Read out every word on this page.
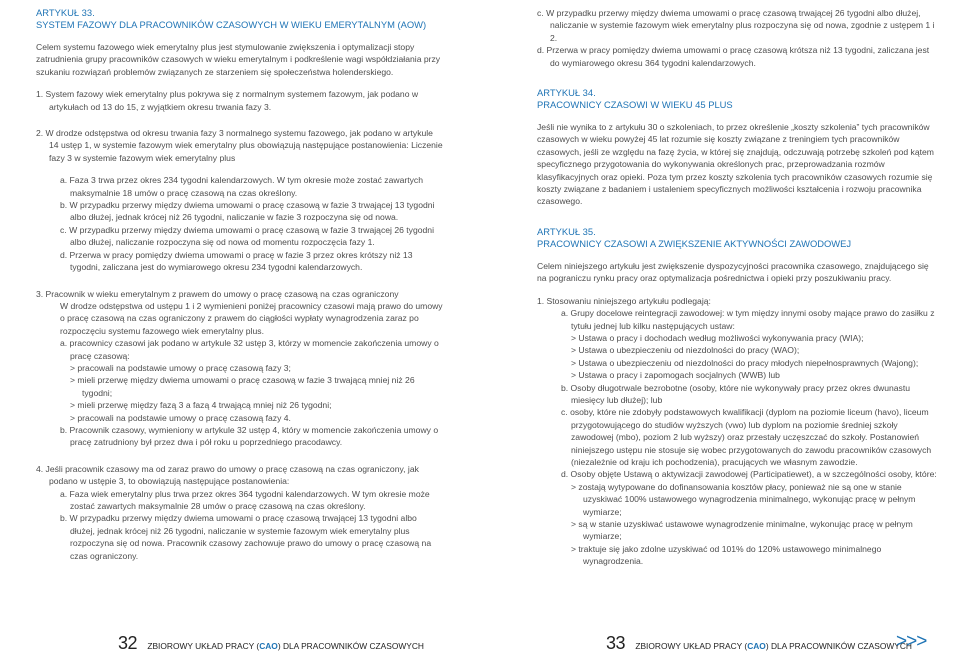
ARTYKUŁ 33.
SYSTEM FAZOWY DLA PRACOWNIKÓW CZASOWYCH W WIEKU EMERYTALNYM (AOW)

Celem systemu fazowego wiek emerytalny plus jest stymulowanie zwiększenia i optymalizacji stopy zatrudnienia grupy pracowników czasowych w wieku emerytalnym i podkreślenie wagi współdziałania przy szukaniu rozwiązań problemów związanych ze starzeniem się społeczeństwa holenderskiego.

1. System fazowy wiek emerytalny plus pokrywa się z normalnym systemem fazowym, jak podano w artykułach od 13 do 15, z wyjątkiem okresu trwania fazy 3.

2. W drodze odstępstwa od okresu trwania fazy 3 normalnego systemu fazowego, jak podano w artykule 14 ustęp 1, w systemie fazowym wiek emerytalny plus obowiązują następujące postanowienia: Liczenie fazy 3 w systemie fazowym wiek emerytalny plus

a. Faza 3 trwa przez okres 234 tygodni kalendarzowych. W tym okresie może zostać zawartych maksymalnie 18 umów o pracę czasową na czas określony.

b. W przypadku przerwy między dwiema umowami o pracę czasową w fazie 3 trwającej 13 tygodni albo dłużej, jednak krócej niż 26 tygodni, naliczanie w fazie 3 rozpoczyna się od nowa.

c. W przypadku przerwy między dwiema umowami o pracę czasową w fazie 3 trwającej 26 tygodni albo dłużej, naliczanie rozpoczyna się od nowa od momentu rozpoczęcia fazy 1.

d. Przerwa w pracy pomiędzy dwiema umowami o pracę w fazie 3 przez okres krótszy niż 13 tygodni, zaliczana jest do wymiarowego okresu 234 tygodni kalendarzowych.

3. Pracownik w wieku emerytalnym z prawem do umowy o pracę czasową na czas ograniczony

W drodze odstępstwa od ustępu 1 i 2 wymienieni poniżej pracownicy czasowi mają prawo do umowy o pracę czasową na czas ograniczony z prawem do ciągłości wypłaty wynagrodzenia zaraz po rozpoczęciu systemu fazowego wiek emerytalny plus.

a. pracownicy czasowi jak podano w artykule 32 ustęp 3, którzy w momencie zakończenia umowy o pracę czasową:

> pracowali na podstawie umowy o pracę czasową fazy 3;

> mieli przerwę między dwiema umowami o pracę czasową w fazie 3 trwającą mniej niż 26 tygodni;

> mieli przerwę między fazą 3 a fazą 4 trwającą mniej niż 26 tygodni;

> pracowali na podstawie umowy o pracę czasową fazy 4.

b. Pracownik czasowy, wymieniony w artykule 32 ustęp 4, który w momencie zakończenia umowy o pracę zatrudniony był przez dwa i pół roku u poprzedniego pracodawcy.

4. Jeśli pracownik czasowy ma od zaraz prawo do umowy o pracę czasową na czas ograniczony, jak podano w ustępie 3, to obowiązują następujące postanowienia:

a. Faza wiek emerytalny plus trwa przez okres 364 tygodni kalendarzowych. W tym okresie może zostać zawartych maksymalnie 28 umów o pracę czasową na czas określony.

b. W przypadku przerwy między dwiema umowami o pracę czasową trwającej 13 tygodni albo dłużej, jednak krócej niż 26 tygodni, naliczanie w systemie fazowym wiek emerytalny plus rozpoczyna się od nowa. Pracownik czasowy zachowuje prawo do umowy o pracę czasową na czas ograniczony.

c. W przypadku przerwy między dwiema umowami o pracę czasową trwającej 26 tygodni albo dłużej, naliczanie w systemie fazowym wiek emerytalny plus rozpoczyna się od nowa, zgodnie z ustępem 1 i 2.

d. Przerwa w pracy pomiędzy dwiema umowami o pracę czasową krótsza niż 13 tygodni, zaliczana jest do wymiarowego okresu 364 tygodni kalendarzowych.

ARTYKUŁ 34.
PRACOWNICY CZASOWI W WIEKU 45 PLUS

Jeśli nie wynika to z artykułu 30 o szkoleniach, to przez określenie „koszty szkolenia” tych pracowników czasowych w wieku powyżej 45 lat rozumie się koszty związane z treningiem tych pracowników czasowych, jeśli ze względu na fazę życia, w której się znajdują, odczuwają potrzebę szkoleń pod kątem specyficznego przygotowania do wykonywania określonych prac, przeprowadzania rozmów klasyfikacyjnych oraz opieki. Poza tym przez koszty szkolenia tych pracowników czasowych rozumie się koszty związane z badaniem i ustaleniem specyficznych możliwości kształcenia i rozwoju pracownika czasowego.

ARTYKUŁ 35.
PRACOWNICY CZASOWI A ZWIĘKSZENIE AKTYWNOŚCI ZAWODOWEJ

Celem niniejszego artykułu jest zwiększenie dyspozycyjności pracownika czasowego, znajdującego się na pograniczu rynku pracy oraz optymalizacja pośrednictwa i opieki przy poszukiwaniu pracy.

1. Stosowaniu niniejszego artykułu podlegają:

a. Grupy docelowe reintegracji zawodowej: w tym między innymi osoby mające prawo do zasiłku z tytułu jednej lub kilku następujących ustaw:

> Ustawa o pracy i dochodach według możliwości wykonywania pracy (WIA);

> Ustawa o ubezpieczeniu od niezdolności do pracy (WAO);

> Ustawa o ubezpieczeniu od niezdolności do pracy młodych niepełnosprawnych (Wajong);

> Ustawa o pracy i zapomogach socjalnych (WWB) lub

b. Osoby długotrwale bezrobotne (osoby, które nie wykonywały pracy przez okres dwunastu miesięcy lub dłużej); lub

c. osoby, które nie zdobyły podstawowych kwalifikacji (dyplom na poziomie liceum (havo), liceum przygotowującego do studiów wyższych (vwo) lub dyplom na poziomie średniej szkoły zawodowej (mbo), poziom 2 lub wyższy) oraz przestały uczęszczać do szkoły. Postanowień niniejszego ustępu nie stosuje się wobec przygotowanych do zawodu pracowników czasowych (niezależnie od kraju ich pochodzenia), pracujących we własnym zawodzie.

d. Osoby objęte Ustawą o aktywizacji zawodowej (Participatiewet), a w szczególności osoby, które:

> zostają wytypowane do dofinansowania kosztów płacy, ponieważ nie są one w stanie uzyskiwać 100% ustawowego wynagrodzenia minimalnego, wykonując pracę w pełnym wymiarze;

> są w stanie uzyskiwać ustawowe wynagrodzenie minimalne, wykonując pracę w pełnym wymiarze;

> traktuje się jako zdolne uzyskiwać od 101% do 120% ustawowego minimalnego wynagrodzenia.

32 ZBIOROWY UKŁAD PRACY (CAO) DLA PRACOWNIKÓW CZASOWYCH	33 ZBIOROWY UKŁAD PRACY (CAO) DLA PRACOWNIKÓW CZASOWYCH
>>>
